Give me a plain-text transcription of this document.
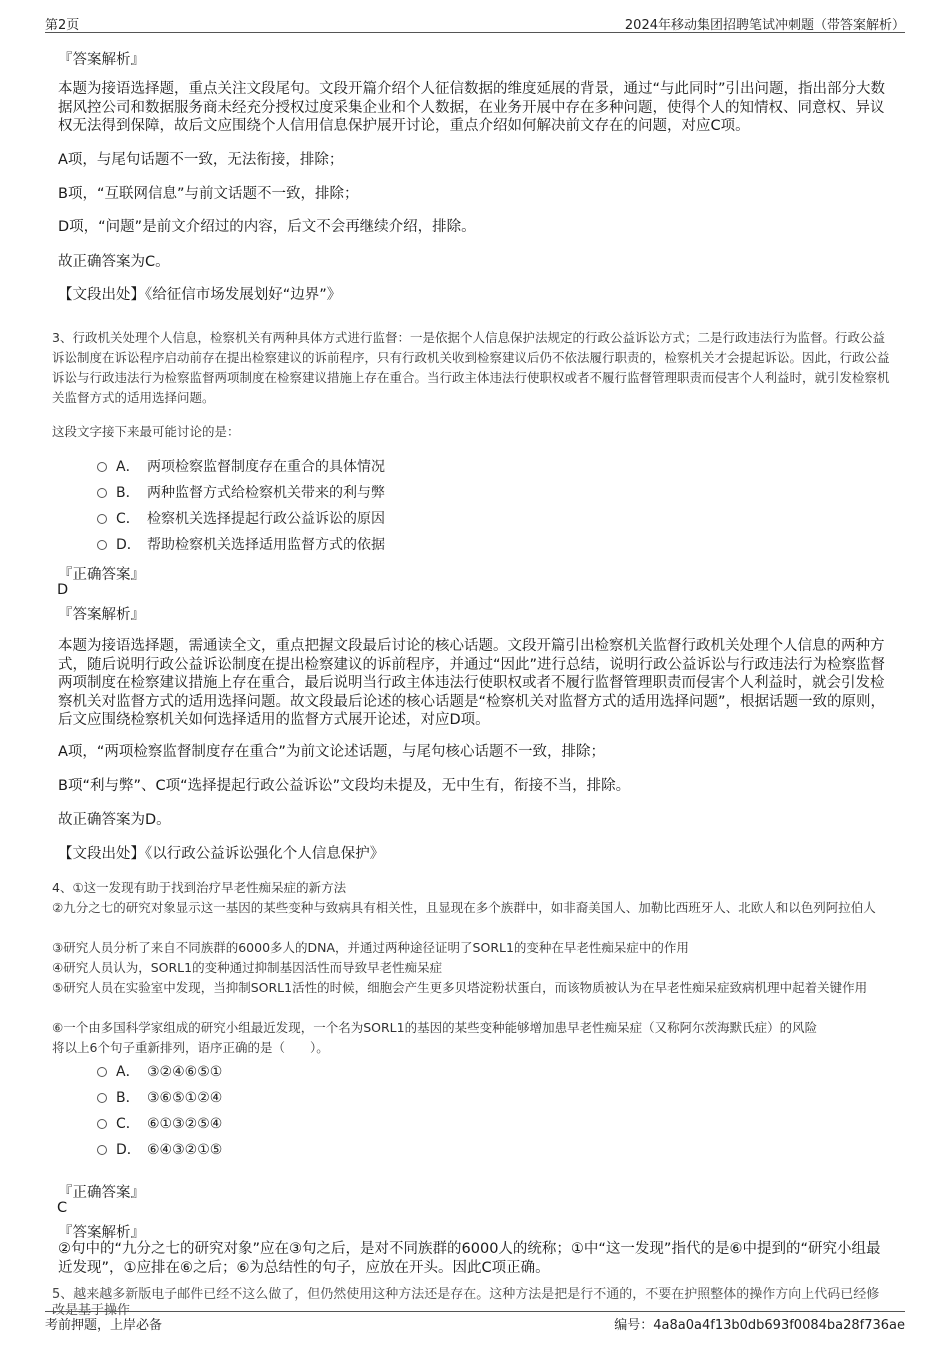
第2页	2024年移动集团招聘笔试冲刺题（带答案解析）
『答案解析』

本题为接语选择题，重点关注文段尾句。文段开篇介绍个人征信数据的维度延展的背景，通过“与此同时”引出问题，指出部分大数据风控公司和数据服务商未经充分授权过度采集企业和个人数据，在业务开展中存在多种问题，使得个人的知情权、同意权、异议权无法得到保障，故后文应围绕个人信用信息保护展开讨论，重点介绍如何解决前文存在的问题，对应C项。

A项，与尾句话题不一致，无法衔接，排除；

B项，“互联网信息”与前文话题不一致，排除；

D项，“问题”是前文介绍过的内容，后文不会再继续介绍，排除。

故正确答案为C。

【文段出处】《给征信市场发展划好“边界”》

3、行政机关处理个人信息，检察机关有两种具体方式进行监督：一是依据个人信息保护法规定的行政公益诉讼方式；二是行政违法行为监督。行政公益诉讼制度在诉讼程序启动前存在提出检察建议的诉前程序，只有行政机关收到检察建议后仍不依法履行职责的，检察机关才会提起诉讼。因此，行政公益诉讼与行政违法行为检察监督两项制度在检察建议措施上存在重合。当行政主体违法行使职权或者不履行监督管理职责而侵害个人利益时，就引发检察机关监督方式的适用选择问题。

这段文字接下来最可能讨论的是：

A． 两项检察监督制度存在重合的具体情况
B． 两种监督方式给检察机关带来的利与弊
C． 检察机关选择提起行政公益诉讼的原因
D． 帮助检察机关选择适用监督方式的依据
『正确答案』
D
『答案解析』

本题为接语选择题，需通读全文，重点把握文段最后讨论的核心话题。文段开篇引出检察机关监督行政机关处理个人信息的两种方式，随后说明行政公益诉讼制度在提出检察建议的诉前程序，并通过“因此”进行总结，说明行政公益诉讼与行政违法行为检察监督两项制度在检察建议措施上存在重合，最后说明当行政主体违法行使职权或者不履行监督管理职责而侵害个人利益时，就会引发检察机关对监督方式的适用选择问题。故文段最后论述的核心话题是“检察机关对监督方式的适用选择问题”，根据话题一致的原则，后文应围绕检察机关如何选择适用的监督方式展开论述，对应D项。

A项，“两项检察监督制度存在重合”为前文论述话题，与尾句核心话题不一致，排除；

B项“利与弊”、C项“选择提起行政公益诉讼”文段均未提及，无中生有，衔接不当，排除。

故正确答案为D。

【文段出处】《以行政公益诉讼强化个人信息保护》

4、①这一发现有助于找到治疗早老性痴呆症的新方法

②九分之七的研究对象显示这一基因的某些变种与致病具有相关性，且显现在多个族群中，如非裔美国人、加勒比西班牙人、北欧人和以色列阿拉伯人

③研究人员分析了来自不同族群的6000多人的DNA，并通过两种途径证明了SORL1的变种在早老性痴呆症中的作用

④研究人员认为，SORL1的变种通过抑制基因活性而导致早老性痴呆症

⑤研究人员在实验室中发现，当抑制SORL1活性的时候，细胞会产生更多贝塔淀粉状蛋白，而该物质被认为在早老性痴呆症致病机理中起着关键作用

⑥一个由多国科学家组成的研究小组最近发现，一个名为SORL1的基因的某些变种能够增加患早老性痴呆症（又称阿尔茨海默氏症）的风险

将以上6个句子重新排列，语序正确的是（　　）。

A． ③②④⑥⑤①
B． ③⑥⑤①②④
C． ⑥①③②⑤④
D． ⑥④③②①⑤
『正确答案』
C
『答案解析』

②句中的“九分之七的研究对象”应在③句之后，是对不同族群的6000人的统称；①中“这一发现”指代的是⑥中提到的“研究小组最近发现”，①应排在⑥之后；⑥为总结性的句子，应放在开头。因此C项正确。

5、越来越多新版电子邮件已经不这么做了，但仍然使用这种方法还是存在。这种方法是把是行不通的，不要在护照整体的操作方向上代码已经修改是基于操作
考前押题，上岸必备	编号：4a8a0a4f13b0db693f0084ba28f736ae
